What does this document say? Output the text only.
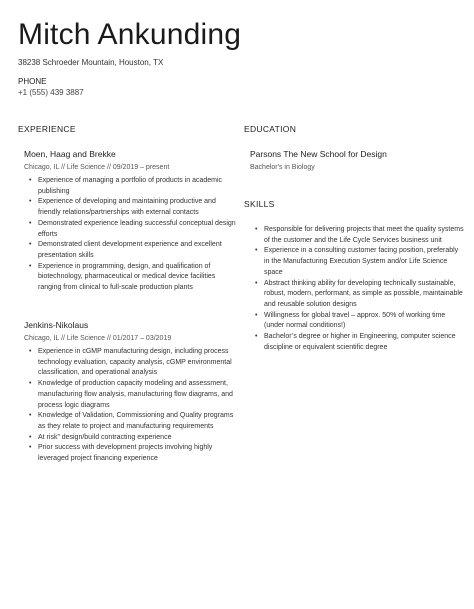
Mitch Ankunding
38238 Schroeder Mountain, Houston, TX
PHONE
+1 (555) 439 3887
EXPERIENCE	EDUCATION
SKILLS
Moen, Haag and Brekke
Chicago, IL // Life Science // 09/2019 – present
• Experience of managing a portfolio of products in academic publishing
• Experience of developing and maintaining productive and friendly relations/partnerships with external contacts
• Demonstrated experience leading successful conceptual design efforts
• Demonstrated client development experience and excellent presentation skills
• Experience in programming, design, and qualification of biotechnology, pharmaceutical or medical device facilities ranging from clinical to full-scale production plants
Jenkins-Nikolaus
Chicago, IL // Life Science // 01/2017 – 03/2019
• Experience in cGMP manufacturing design, including process technology evaluation, capacity analysis, cGMP environmental classification, and operational analysis
• Knowledge of production capacity modeling and assessment, manufacturing flow analysis, manufacturing flow diagrams, and process logic diagrams
• Knowledge of Validation, Commissioning and Quality programs as they relate to project and manufacturing requirements
• At risk” design/build contracting experience
• Prior success with development projects involving highly leveraged project financing experience
Parsons The New School for Design
Bachelor's in Biology
• Responsible for delivering projects that meet the quality systems of the customer and the Life Cycle Services business unit
• Experience in a consulting customer facing position, preferably in the Manufacturing Execution System and/or Life Science space
• Abstract thinking ability for developing technically sustainable, robust, modern, performant, as simple as possible, maintainable and reusable solution designs
• Willingness for global travel – approx. 50% of working time (under normal conditions!)
• Bachelor’s degree or higher in Engineering, computer science discipline or equivalent scientific degree
